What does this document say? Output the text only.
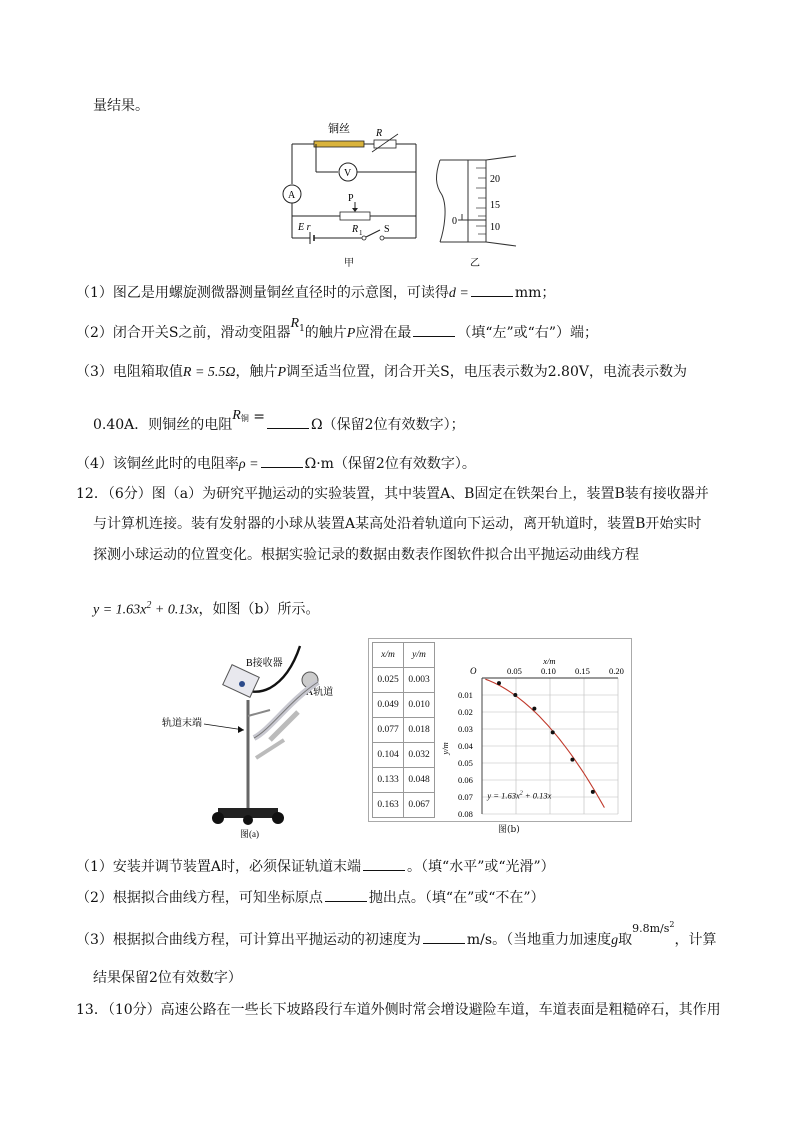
量结果。
铜丝	R
V
A	P
R 1
E r	S
甲
20
15
10
0
乙
（1）图乙是用螺旋测微器测量铜丝直径时的示意图，可读得d =	mm；
（2）闭合开关S之前，滑动变阻器$R^1$的触片P应滑在最	（填“左”或“右”）端；
（3）电阻箱取值R = 5.5Ω，触片P调至适当位置，闭合开关S，电压表示数为2.80V，电流表示数为
0.40A．则铜丝的电阻$R^铜$ =	Ω（保留2位有效数字）；
（4）该铜丝此时的电阻率ρ =	Ω·m（保留2位有效数字）。
12．（6分）图（a）为研究平抛运动的实验装置，其中装置A、B固定在铁架台上，装置B装有接收器并
与计算机连接。装有发射器的小球从装置A某高处沿着轨道向下运动，离开轨道时，装置B开始实时
探测小球运动的位置变化。根据实验记录的数据由数表作图软件拟合出平抛运动曲线方程
$y = 1.63x^2 + 0.13x$，如图（b）所示。
B接收器
A轨道
轨道末端
图(a)
x/m	y/m
0.025	0.003
0.049	0.010
0.077	0.018
0.104	0.032
0.133	0.048
0.163	0.067
0.05 0.10 0.15 0.20
0.01
0.02
0.03
0.04
0.05
0.06
0.07
0.08
O
x/m
y/m
$y = 1.63x^2 + 0.13x$
图(b)
（1）安装并调节装置A时，必须保证轨道末端	。（填“水平”或“光滑”）
（2）根据拟合曲线方程，可知坐标原点	抛出点。（填“在”或“不在”）
（3）根据拟合曲线方程，可计算出平抛运动的初速度为	m/s。（当地重力加速度g取$^{9.8m/s2}$，计算
结果保留2位有效数字）
13．（10分）高速公路在一些长下坡路段行车道外侧时常会增设避险车道，车道表面是粗糙碎石，其作用
